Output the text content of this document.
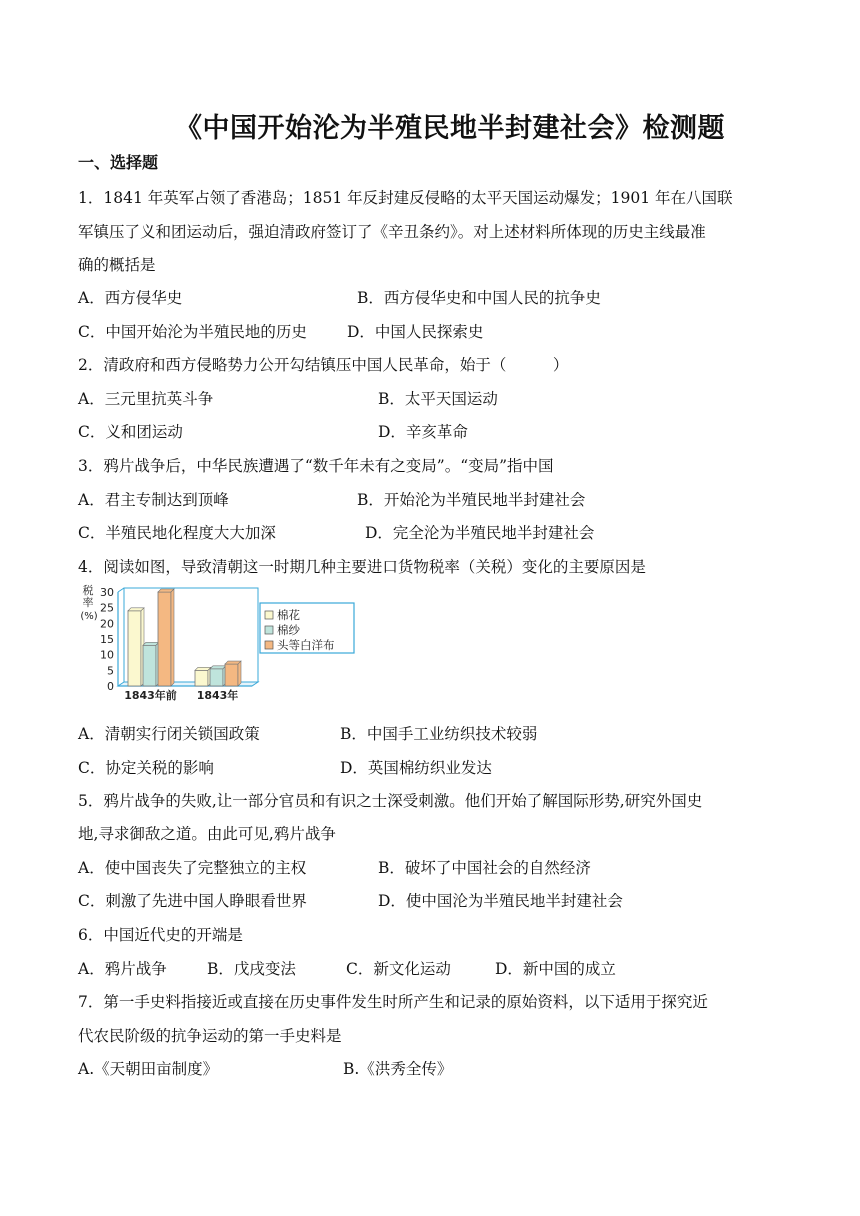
《中国开始沦为半殖民地半封建社会》检测题
一、选择题
1．1841 年英军占领了香港岛；1851 年反封建反侵略的太平天国运动爆发；1901 年在八国联
军镇压了义和团运动后，强迫清政府签订了《辛丑条约》。对上述材料所体现的历史主线最准
确的概括是
A．西方侵华史	B．西方侵华史和中国人民的抗争史
C．中国开始沦为半殖民地的历史	D．中国人民探索史
2．清政府和西方侵略势力公开勾结镇压中国人民革命，始于（　　　）
A．三元里抗英斗争	B．太平天国运动
C．义和团运动	D．辛亥革命
3．鸦片战争后，中华民族遭遇了“数千年未有之变局”。“变局”指中国
A．君主专制达到顶峰	B．开始沦为半殖民地半封建社会
C．半殖民地化程度大大加深	D．完全沦为半殖民地半封建社会
4．阅读如图，导致清朝这一时期几种主要进口货物税率（关税）变化的主要原因是
0
5
10
15
20
25
30
税
率
(%)
1843年前 1843年
棉花
棉纱
头等白洋布
A．清朝实行闭关锁国政策	B．中国手工业纺织技术较弱
C．协定关税的影响	D．英国棉纺织业发达
5．鸦片战争的失败,让一部分官员和有识之士深受刺激。他们开始了解国际形势,研究外国史
地,寻求御敌之道。由此可见,鸦片战争
A．使中国丧失了完整独立的主权	B．破坏了中国社会的自然经济
C．刺激了先进中国人睁眼看世界	D．使中国沦为半殖民地半封建社会
6．中国近代史的开端是
A．鸦片战争	B．戊戌变法	C．新文化运动	D．新中国的成立
7．第一手史料指接近或直接在历史事件发生时所产生和记录的原始资料，以下适用于探究近
代农民阶级的抗争运动的第一手史料是
A.《天朝田亩制度》	B.《洪秀全传》
